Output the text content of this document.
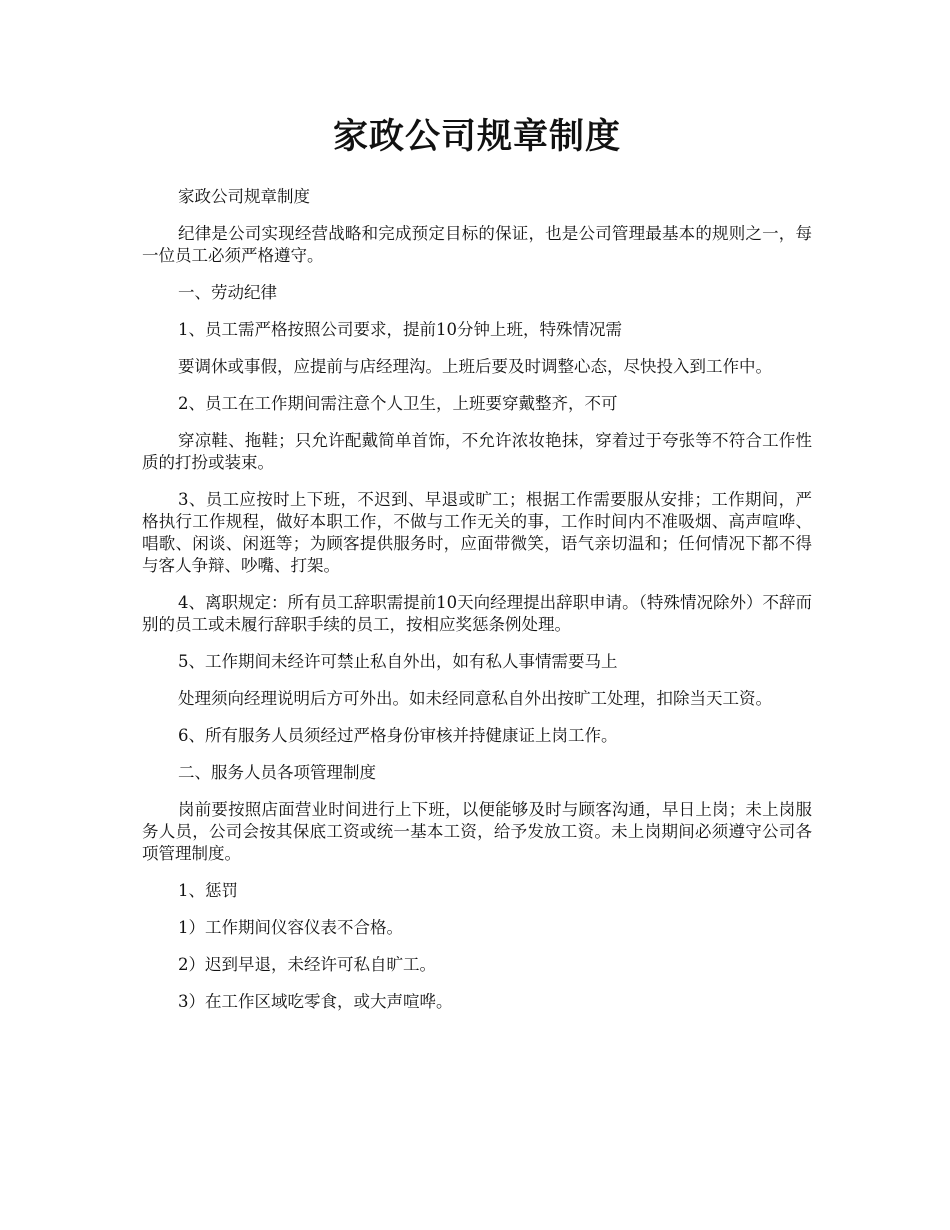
家政公司规章制度

家政公司规章制度

纪律是公司实现经营战略和完成预定目标的保证，也是公司管理最基本的规则之一，每一位员工必须严格遵守。

一、劳动纪律

1、员工需严格按照公司要求，提前10分钟上班，特殊情况需

要调休或事假，应提前与店经理沟。上班后要及时调整心态，尽快投入到工作中。

2、员工在工作期间需注意个人卫生，上班要穿戴整齐，不可

穿凉鞋、拖鞋；只允许配戴简单首饰，不允许浓妆艳抹，穿着过于夸张等不符合工作性质的打扮或装束。

3、员工应按时上下班，不迟到、早退或旷工；根据工作需要服从安排；工作期间，严格执行工作规程，做好本职工作，不做与工作无关的事，工作时间内不准吸烟、高声喧哗、唱歌、闲谈、闲逛等；为顾客提供服务时，应面带微笑，语气亲切温和；任何情况下都不得与客人争辩、吵嘴、打架。

4、离职规定：所有员工辞职需提前10天向经理提出辞职申请。（特殊情况除外）不辞而别的员工或未履行辞职手续的员工，按相应奖惩条例处理。

5、工作期间未经许可禁止私自外出，如有私人事情需要马上

处理须向经理说明后方可外出。如未经同意私自外出按旷工处理，扣除当天工资。

6、所有服务人员须经过严格身份审核并持健康证上岗工作。

二、服务人员各项管理制度

岗前要按照店面营业时间进行上下班，以便能够及时与顾客沟通，早日上岗；未上岗服务人员，公司会按其保底工资或统一基本工资，给予发放工资。未上岗期间必须遵守公司各项管理制度。

1、惩罚

1）工作期间仪容仪表不合格。

2）迟到早退，未经许可私自旷工。

3）在工作区域吃零食，或大声喧哗。
